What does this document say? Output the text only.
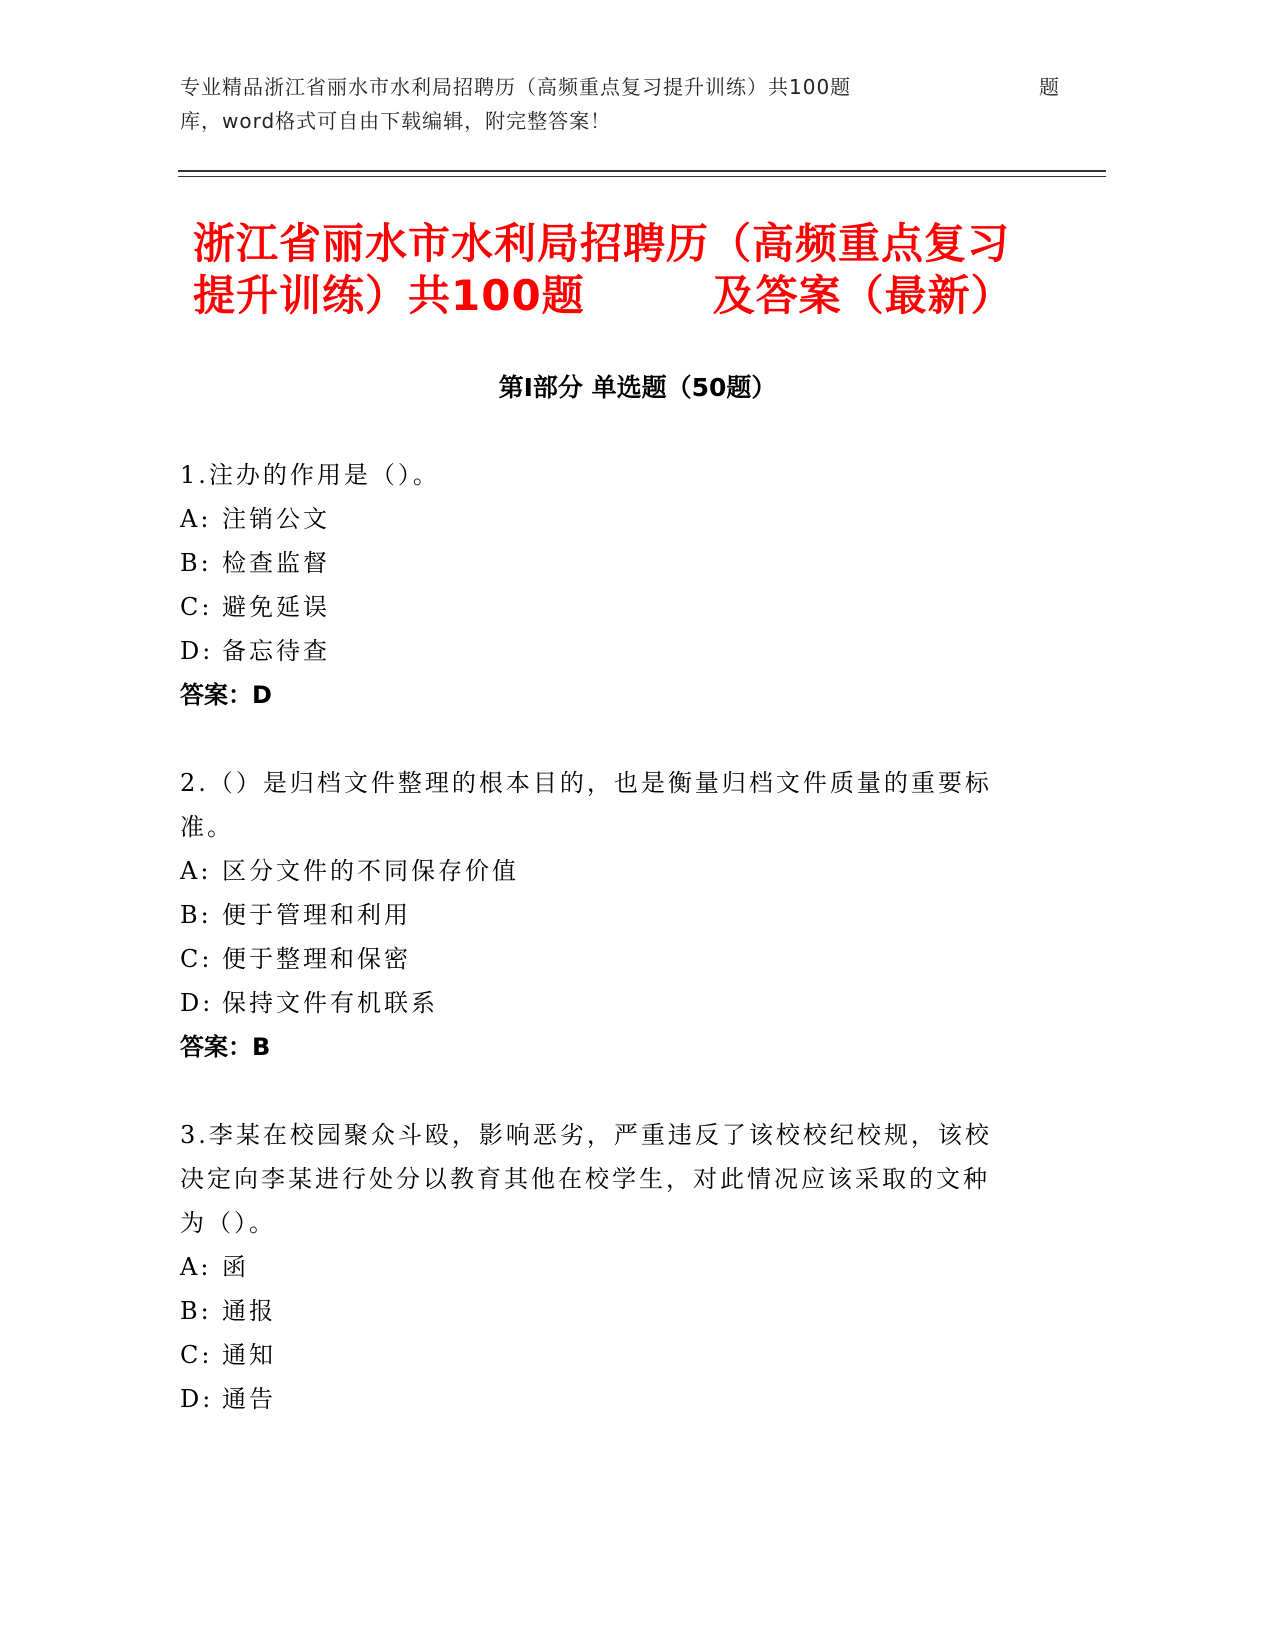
专业精品浙江省丽水市水利局招聘历（高频重点复习提升训练）共100题	题
库，word格式可自由下载编辑，附完整答案！
浙江省丽水市水利局招聘历（高频重点复习
提升训练）共100题	及答案（最新）
第Ⅰ部分 单选题（50题）

1.注办的作用是（）。

A: 注销公文

B: 检查监督

C: 避免延误

D: 备忘待查

答案：D

2.（）是归档文件整理的根本目的，也是衡量归档文件质量的重要标准。

A: 区分文件的不同保存价值

B: 便于管理和利用

C: 便于整理和保密

D: 保持文件有机联系

答案：B

3.李某在校园聚众斗殴，影响恶劣，严重违反了该校校纪校规，该校决定向李某进行处分以教育其他在校学生，对此情况应该采取的文种为（）。

A: 函

B: 通报

C: 通知

D: 通告
